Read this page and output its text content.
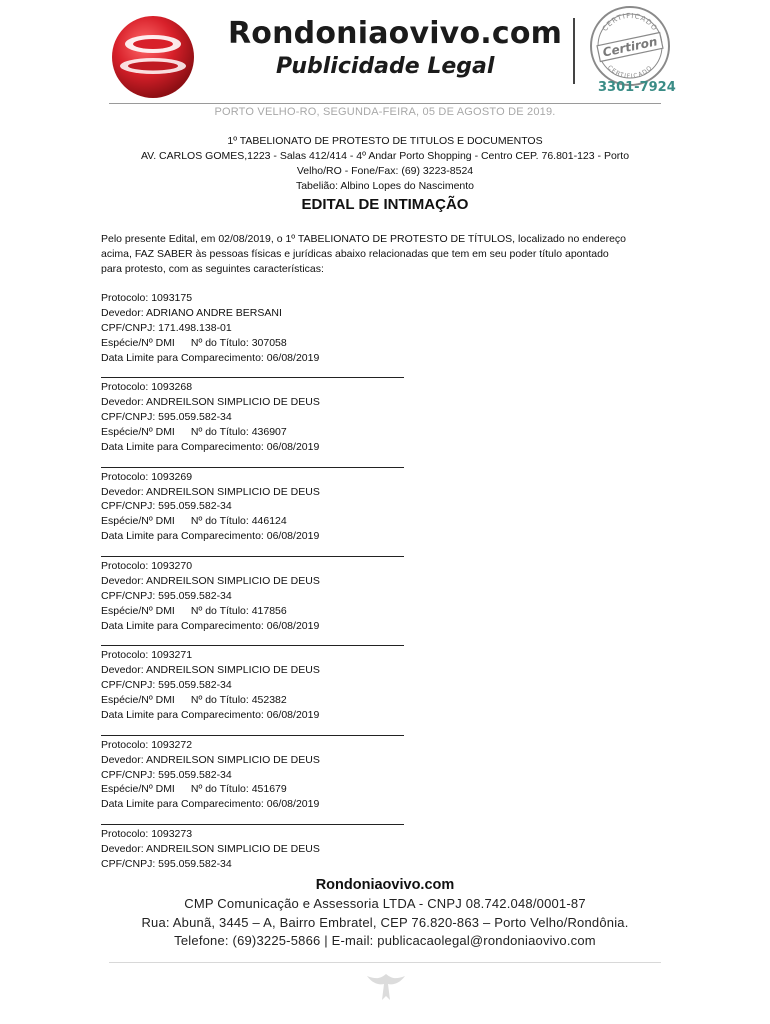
Rondoniaovivo.com
Publicidade Legal
CERTIFICADO
CERTIFICADO
Certiron
3301-7924
PORTO VELHO-RO, SEGUNDA-FEIRA, 05 DE AGOSTO DE 2019.
1º TABELIONATO DE PROTESTO DE TITULOS E DOCUMENTOS
AV. CARLOS GOMES,1223 - Salas 412/414 - 4º Andar Porto Shopping - Centro CEP. 76.801-123 - Porto
Velho/RO - Fone/Fax: (69) 3223-8524
Tabelião: Albino Lopes do Nascimento
EDITAL DE INTIMAÇÃO
Pelo presente Edital, em 02/08/2019, o 1º TABELIONATO DE PROTESTO DE TÍTULOS, localizado no endereço
acima, FAZ SABER às pessoas físicas e jurídicas abaixo relacionadas que tem em seu poder título apontado
para protesto, com as seguintes características:
Protocolo: 1093175
Devedor: ADRIANO ANDRE BERSANI
CPF/CNPJ: 171.498.138-01
Espécie/Nº DMI Nº do Título: 307058
Data Limite para Comparecimento: 06/08/2019
Protocolo: 1093268
Devedor: ANDREILSON SIMPLICIO DE DEUS
CPF/CNPJ: 595.059.582-34
Espécie/Nº DMI Nº do Título: 436907
Data Limite para Comparecimento: 06/08/2019
Protocolo: 1093269
Devedor: ANDREILSON SIMPLICIO DE DEUS
CPF/CNPJ: 595.059.582-34
Espécie/Nº DMI Nº do Título: 446124
Data Limite para Comparecimento: 06/08/2019
Protocolo: 1093270
Devedor: ANDREILSON SIMPLICIO DE DEUS
CPF/CNPJ: 595.059.582-34
Espécie/Nº DMI Nº do Título: 417856
Data Limite para Comparecimento: 06/08/2019
Protocolo: 1093271
Devedor: ANDREILSON SIMPLICIO DE DEUS
CPF/CNPJ: 595.059.582-34
Espécie/Nº DMI Nº do Título: 452382
Data Limite para Comparecimento: 06/08/2019
Protocolo: 1093272
Devedor: ANDREILSON SIMPLICIO DE DEUS
CPF/CNPJ: 595.059.582-34
Espécie/Nº DMI Nº do Título: 451679
Data Limite para Comparecimento: 06/08/2019
Protocolo: 1093273
Devedor: ANDREILSON SIMPLICIO DE DEUS
CPF/CNPJ: 595.059.582-34
Rondoniaovivo.com
CMP Comunicação e Assessoria LTDA - CNPJ 08.742.048/0001-87
Rua: Abunã, 3445 – A, Bairro Embratel, CEP 76.820-863 – Porto Velho/Rondônia.
Telefone: (69)3225-5866 | E-mail: publicacaolegal@rondoniaovivo.com
